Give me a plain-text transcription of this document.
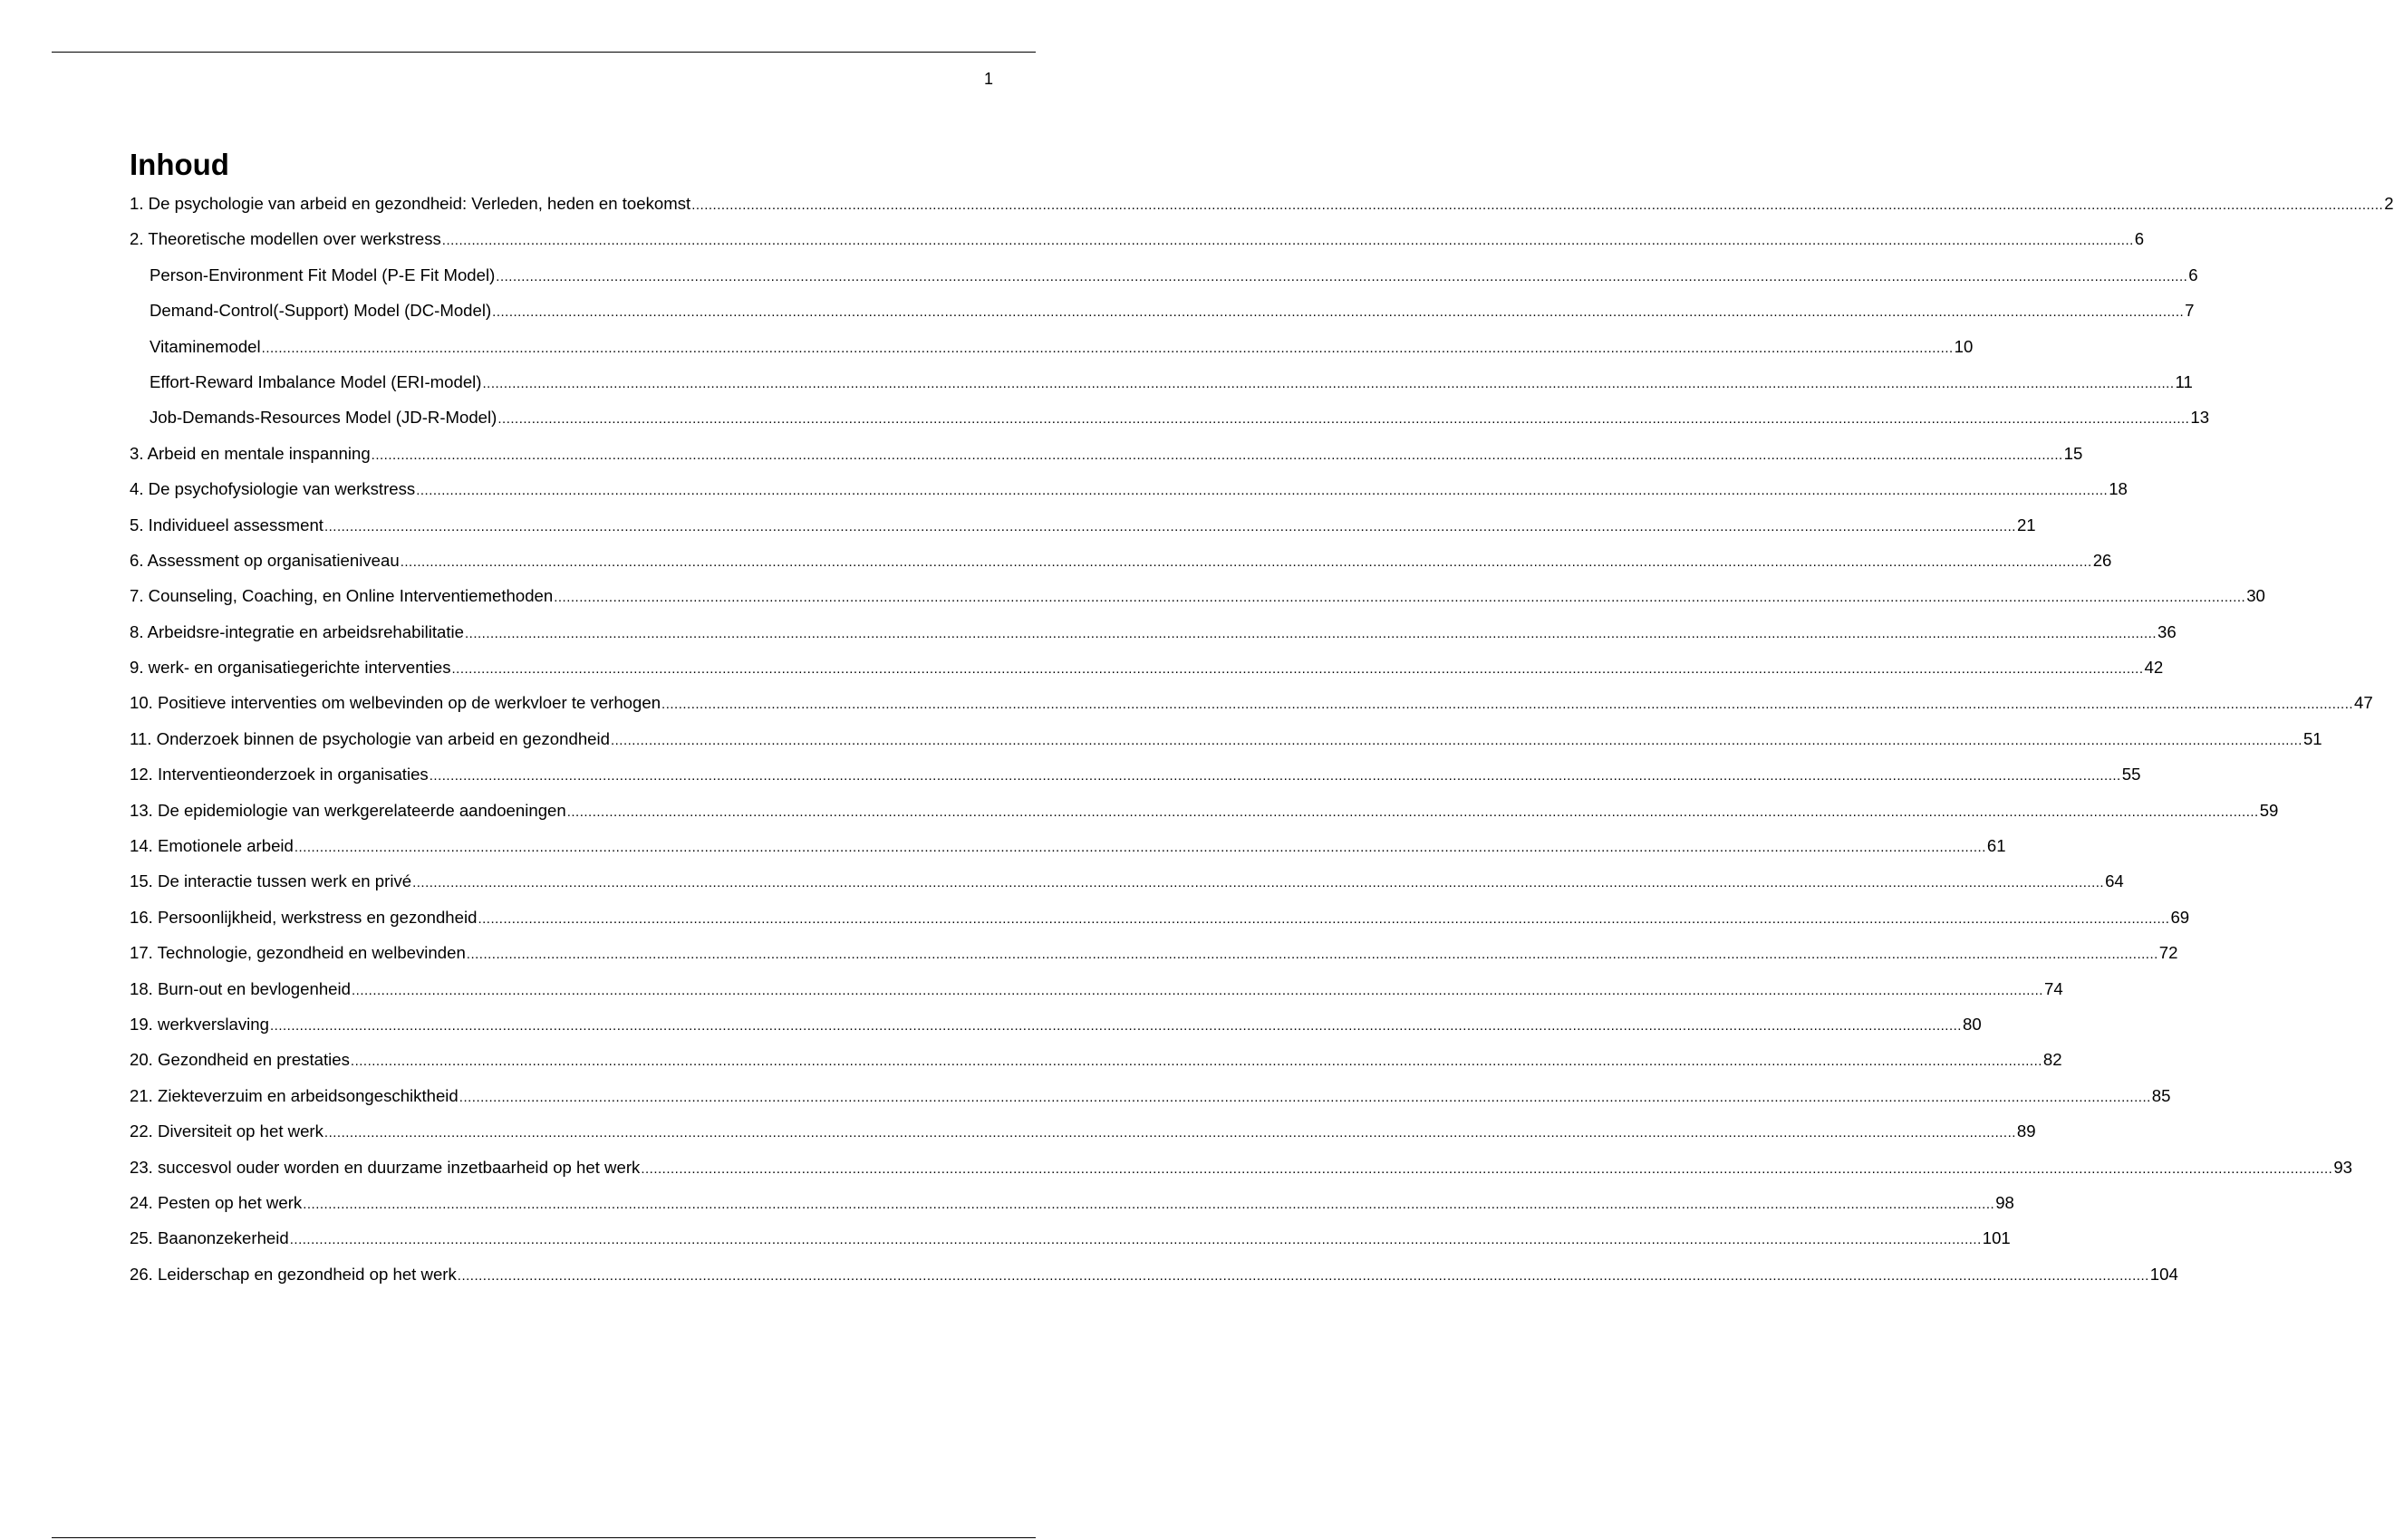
1
Inhoud
1. De psychologie van arbeid en gezondheid: Verleden, heden en toekomst ................................................................................................................................................................................................................................................................................................................................................................................................................ 2
2. Theoretische modellen over werkstress ................................................................................................................................................................................................................................................................................................................................................................................................................ 6
Person-Environment Fit Model (P-E Fit Model) ................................................................................................................................................................................................................................................................................................................................................................................................................ 6
Demand-Control(-Support) Model (DC-Model) ................................................................................................................................................................................................................................................................................................................................................................................................................ 7
Vitaminemodel ................................................................................................................................................................................................................................................................................................................................................................................................................ 10
Effort-Reward Imbalance Model (ERI-model) ................................................................................................................................................................................................................................................................................................................................................................................................................ 11
Job-Demands-Resources Model (JD-R-Model) ................................................................................................................................................................................................................................................................................................................................................................................................................ 13
3. Arbeid en mentale inspanning ................................................................................................................................................................................................................................................................................................................................................................................................................ 15
4. De psychofysiologie van werkstress ................................................................................................................................................................................................................................................................................................................................................................................................................ 18
5. Individueel assessment ................................................................................................................................................................................................................................................................................................................................................................................................................ 21
6. Assessment op organisatieniveau ................................................................................................................................................................................................................................................................................................................................................................................................................ 26
7. Counseling, Coaching, en Online Interventiemethoden ................................................................................................................................................................................................................................................................................................................................................................................................................ 30
8. Arbeidsre-integratie en arbeidsrehabilitatie ................................................................................................................................................................................................................................................................................................................................................................................................................ 36
9. werk- en organisatiegerichte interventies ................................................................................................................................................................................................................................................................................................................................................................................................................ 42
10. Positieve interventies om welbevinden op de werkvloer te verhogen ................................................................................................................................................................................................................................................................................................................................................................................................................ 47
11. Onderzoek binnen de psychologie van arbeid en gezondheid ................................................................................................................................................................................................................................................................................................................................................................................................................ 51
12. Interventieonderzoek in organisaties ................................................................................................................................................................................................................................................................................................................................................................................................................ 55
13. De epidemiologie van werkgerelateerde aandoeningen ................................................................................................................................................................................................................................................................................................................................................................................................................ 59
14. Emotionele arbeid ................................................................................................................................................................................................................................................................................................................................................................................................................ 61
15. De interactie tussen werk en privé ................................................................................................................................................................................................................................................................................................................................................................................................................ 64
16. Persoonlijkheid, werkstress en gezondheid ................................................................................................................................................................................................................................................................................................................................................................................................................ 69
17. Technologie, gezondheid en welbevinden ................................................................................................................................................................................................................................................................................................................................................................................................................ 72
18. Burn-out en bevlogenheid ................................................................................................................................................................................................................................................................................................................................................................................................................ 74
19. werkverslaving ................................................................................................................................................................................................................................................................................................................................................................................................................ 80
20. Gezondheid en prestaties ................................................................................................................................................................................................................................................................................................................................................................................................................ 82
21. Ziekteverzuim en arbeidsongeschiktheid ................................................................................................................................................................................................................................................................................................................................................................................................................ 85
22. Diversiteit op het werk ................................................................................................................................................................................................................................................................................................................................................................................................................ 89
23. succesvol ouder worden en duurzame inzetbaarheid op het werk ................................................................................................................................................................................................................................................................................................................................................................................................................ 93
24. Pesten op het werk ................................................................................................................................................................................................................................................................................................................................................................................................................ 98
25. Baanonzekerheid ................................................................................................................................................................................................................................................................................................................................................................................................................ 101
26. Leiderschap en gezondheid op het werk ................................................................................................................................................................................................................................................................................................................................................................................................................ 104
